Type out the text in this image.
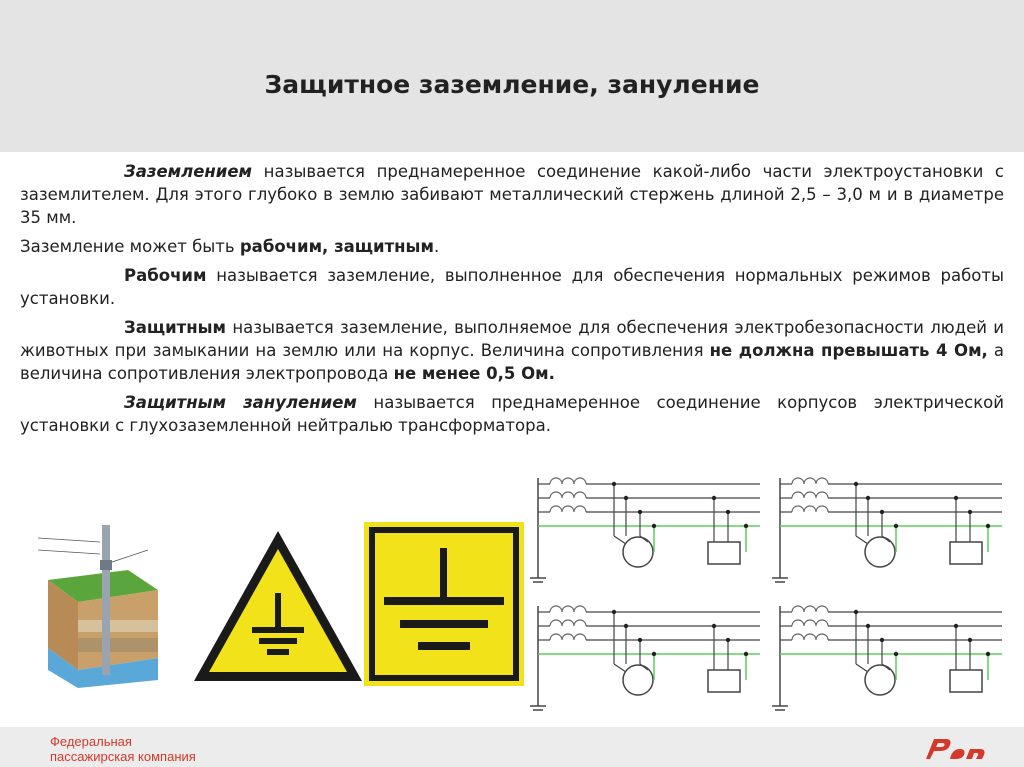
Защитное заземление, зануление

Заземлением называется преднамеренное соединение какой-либо части электроустановки с заземлителем. Для этого глубоко в землю забивают металлический стержень длиной 2,5 – 3,0 м и в диаметре 35 мм.

Заземление может быть рабочим, защитным.

Рабочим называется заземление, выполненное для обеспечения нормальных режимов работы установки.

Защитным называется заземление, выполняемое для обеспечения электробезопасности людей и животных при замыкании на землю или на корпус. Величина сопротивления не должна превышать 4 Ом, а величина сопротивления электропровода не менее 0,5 Ом.

Защитным занулением называется преднамеренное соединение корпусов электрической установки с глухозаземленной нейтралью трансформатора.

Федеральная
пассажирская компания
